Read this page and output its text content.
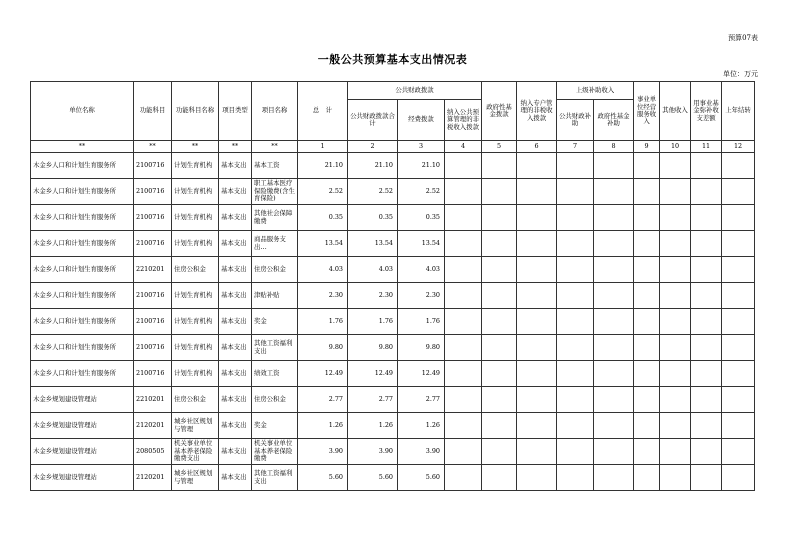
预算07表
一般公共预算基本支出情况表
单位：万元
单位名称	功能科目	功能科目名称	项目类型	项目名称	总　计	公共财政拨款			政府性基金拨款	纳入专户管理的非税收入拨款	上级补助收入		事业单位经营服务收入	其他收入	用事业基金弥补收支差额	上年结转
						公共财政拨款合计	经费拨款	纳入公共预算管理的非税收入拨款			公共财政补助	政府性基金补助				
**	**	**	**	**	1	2	3	4	5	6	7	8	9	10	11	12
木金乡人口和计划生育服务所	2100716	计划生育机构	基本支出	基本工资	21.10	21.10	21.10									
木金乡人口和计划生育服务所	2100716	计划生育机构	基本支出	职工基本医疗保险缴费(含生育保险)	2.52	2.52	2.52									
木金乡人口和计划生育服务所	2100716	计划生育机构	基本支出	其他社会保障缴费	0.35	0.35	0.35									
木金乡人口和计划生育服务所	2100716	计划生育机构	基本支出	商品服务支出…	13.54	13.54	13.54									
木金乡人口和计划生育服务所	2210201	住房公积金	基本支出	住房公积金	4.03	4.03	4.03									
木金乡人口和计划生育服务所	2100716	计划生育机构	基本支出	津贴补贴	2.30	2.30	2.30									
木金乡人口和计划生育服务所	2100716	计划生育机构	基本支出	奖金	1.76	1.76	1.76									
木金乡人口和计划生育服务所	2100716	计划生育机构	基本支出	其他工资福利支出	9.80	9.80	9.80									
木金乡人口和计划生育服务所	2100716	计划生育机构	基本支出	绩效工资	12.49	12.49	12.49									
木金乡规划建设管理站	2210201	住房公积金	基本支出	住房公积金	2.77	2.77	2.77									
木金乡规划建设管理站	2120201	城乡社区规划与管理	基本支出	奖金	1.26	1.26	1.26									
木金乡规划建设管理站	2080505	机关事业单位基本养老保险缴费支出	基本支出	机关事业单位基本养老保险缴费	3.90	3.90	3.90									
木金乡规划建设管理站	2120201	城乡社区规划与管理	基本支出	其他工资福利支出	5.60	5.60	5.60									
